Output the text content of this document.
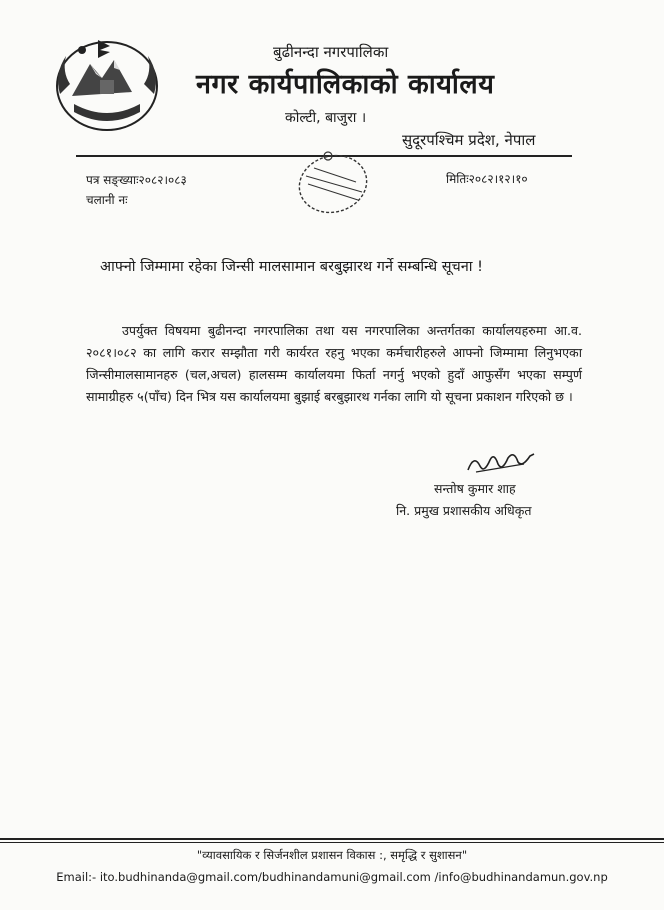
बुढीनन्दा नगरपालिका
नगर कार्यपालिकाको कार्यालय
कोल्टी, बाजुरा ।
सुदूरपश्चिम प्रदेश, नेपाल
पत्र सङ्ख्याः२०८२।०८३
चलानी नः
मितिः२०८२।१२।१०
आफ्नो जिम्मामा रहेका जिन्सी मालसामान बरबुझारथ गर्ने सम्बन्धि सूचना !

उपर्युक्त विषयमा बुढीनन्दा नगरपालिका तथा यस नगरपालिका अन्तर्गतका कार्यालयहरुमा आ.व. २०८१।०८२ का लागि करार सम्झौता गरी कार्यरत रहनु भएका कर्मचारीहरुले आफ्नो जिम्मामा लिनुभएका जिन्सीमालसामानहरु (चल,अचल) हालसम्म कार्यालयमा फिर्ता नगर्नु भएको हुदाँ आफुसँग भएका सम्पुर्ण सामाग्रीहरु ५(पाँच) दिन भित्र यस कार्यालयमा बुझाई बरबुझारथ गर्नका लागि यो सूचना प्रकाशन गरिएको छ ।

सन्तोष कुमार शाह
नि. प्रमुख प्रशासकीय अधिकृत
"व्यावसायिक र सिर्जनशील प्रशासन विकास :, समृद्धि र सुशासन"
Email:- ito.budhinanda@gmail.com/budhinandamuni@gmail.com /info@budhinandamun.gov.np
